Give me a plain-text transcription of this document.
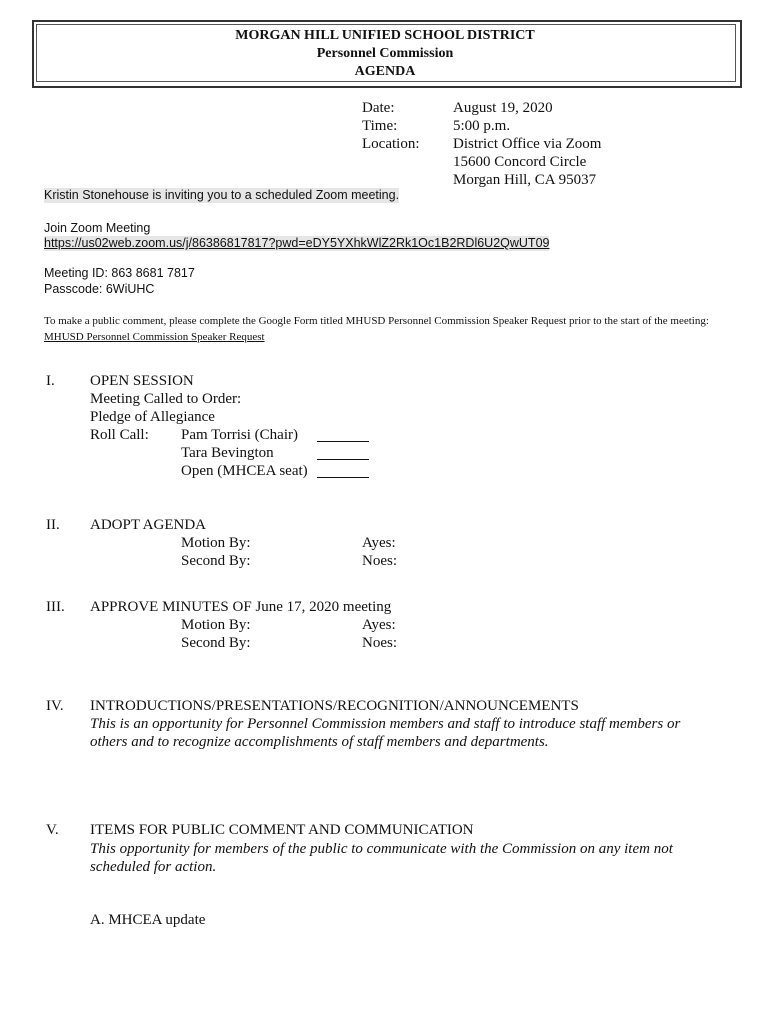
MORGAN HILL UNIFIED SCHOOL DISTRICT
Personnel Commission
AGENDA
Date:	August 19, 2020
Time:	5:00 p.m.
Location: District Office via Zoom
15600 Concord Circle
Morgan Hill, CA 95037
Kristin Stonehouse is inviting you to a scheduled Zoom meeting.
Join Zoom Meeting
https://us02web.zoom.us/j/86386817817?pwd=eDY5YXhkWlZ2Rk1Oc1B2RDl6U2QwUT09
Meeting ID: 863 8681 7817
Passcode: 6WiUHC
To make a public comment, please complete the Google Form titled MHUSD Personnel Commission Speaker Request prior to the start of the meeting:   MHUSD Personnel Commission Speaker Request
I. OPEN SESSION
Meeting Called to Order:
Pledge of Allegiance
Roll Call: Pam Torrisi (Chair)
Tara Bevington
Open (MHCEA seat)
II. ADOPT AGENDA
Motion By:	Ayes:
Second By:	Noes:
III. APPROVE MINUTES OF June 17, 2020 meeting
Motion By:	Ayes:
Second By:	Noes:
IV. INTRODUCTIONS/PRESENTATIONS/RECOGNITION/ANNOUNCEMENTS
This is an opportunity for Personnel Commission members and staff to introduce staff members or
others and to recognize accomplishments of staff members and departments.
V. ITEMS FOR PUBLIC COMMENT AND COMMUNICATION
This opportunity for members of the public to communicate with the Commission on any item not
scheduled for action.
A. MHCEA update
